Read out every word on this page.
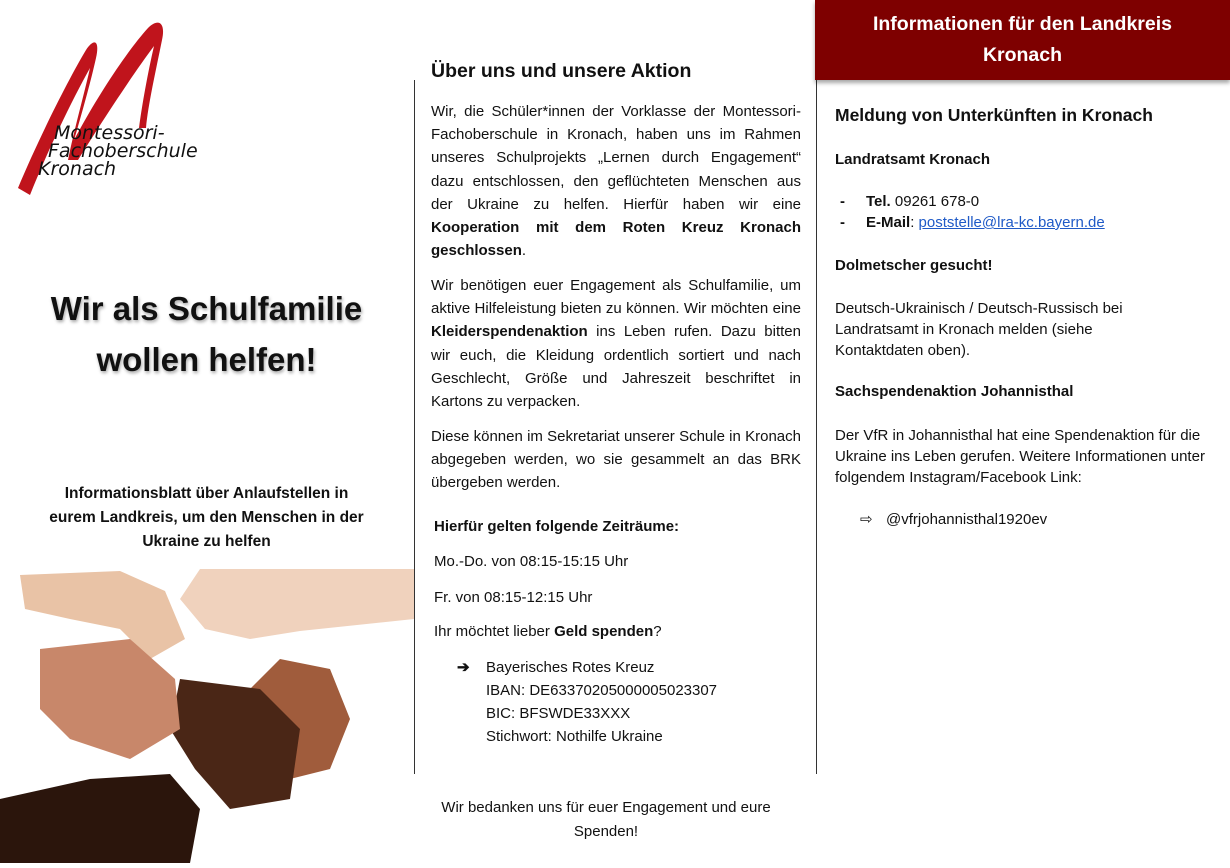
Montessori-
Fachoberschule
Kronach
Wir als Schulfamilie
wollen helfen!
Informationsblatt über Anlaufstellen in eurem Landkreis, um den Menschen in der Ukraine zu helfen
Über uns und unsere Aktion
Wir, die Schüler*innen der Vorklasse der Montessori-Fachoberschule in Kronach, haben uns im Rahmen unseres Schulprojekts „Lernen durch Engagement“ dazu entschlossen, den geflüchteten Menschen aus der Ukraine zu helfen. Hierfür haben wir eine Kooperation mit dem Roten Kreuz Kronach geschlossen.
Wir benötigen euer Engagement als Schulfamilie, um aktive Hilfeleistung bieten zu können. Wir möchten eine Kleiderspendenaktion ins Leben rufen. Dazu bitten wir euch, die Kleidung ordentlich sortiert und nach Geschlecht, Größe und Jahreszeit beschriftet in Kartons zu verpacken.
Diese können im Sekretariat unserer Schule in Kronach abgegeben werden, wo sie gesammelt an das BRK übergeben werden.
Hierfür gelten folgende Zeiträume:
Mo.-Do. von 08:15-15:15 Uhr
Fr. von 08:15-12:15 Uhr
Ihr möchtet lieber Geld spenden?
➔ Bayerisches Rotes Kreuz
IBAN: DE63370205000005023307
BIC: BFSWDE33XXX
Stichwort: Nothilfe Ukraine
Wir bedanken uns für euer Engagement und eure Spenden!
Informationen für den Landkreis Kronach
Meldung von Unterkünften in Kronach
Landratsamt Kronach
- Tel. 09261 678-0
- E-Mail: poststelle@lra-kc.bayern.de
Dolmetscher gesucht!
Deutsch-Ukrainisch / Deutsch-Russisch bei Landratsamt in Kronach melden (siehe Kontaktdaten oben).
Sachspendenaktion Johannisthal
Der VfR in Johannisthal hat eine Spendenaktion für die Ukraine ins Leben gerufen. Weitere Informationen unter folgendem Instagram/Facebook Link:
⇨ @vfrjohannisthal1920ev
